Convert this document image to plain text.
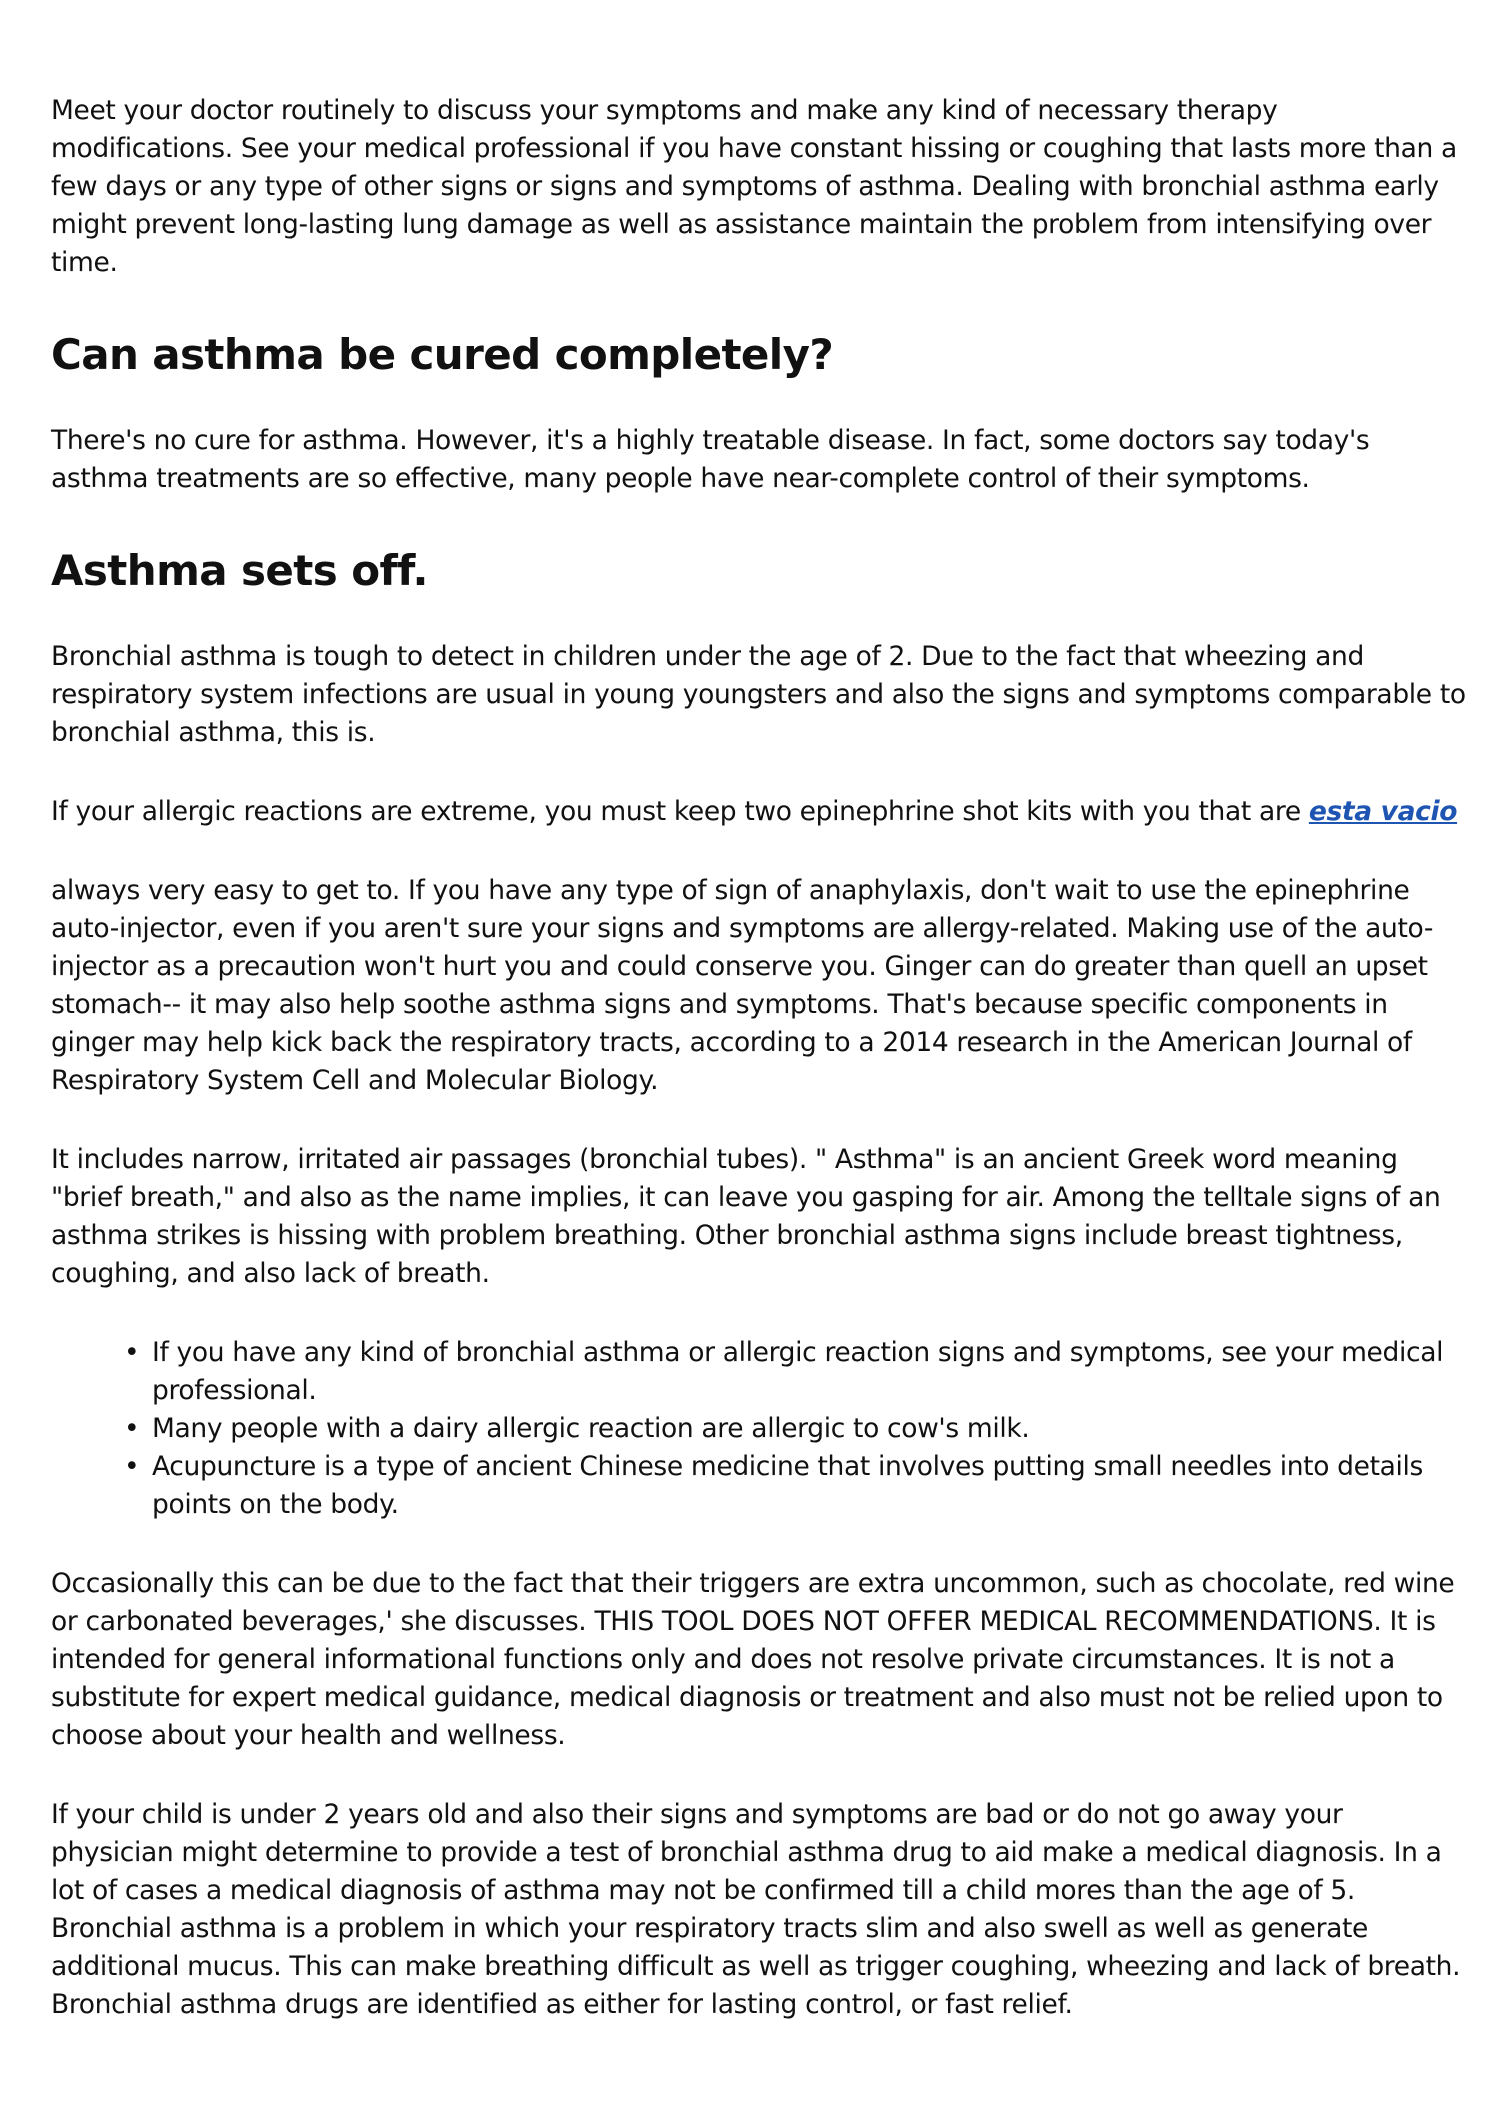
Meet your doctor routinely to discuss your symptoms and make any kind of necessary therapy modifications. See your medical professional if you have constant hissing or coughing that lasts more than a few days or any type of other signs or signs and symptoms of asthma. Dealing with bronchial asthma early might prevent long-lasting lung damage as well as assistance maintain the problem from intensifying over time.

Can asthma be cured completely?

There's no cure for asthma. However, it's a highly treatable disease. In fact, some doctors say today's asthma treatments are so effective, many people have near-complete control of their symptoms.

Asthma sets off.

Bronchial asthma is tough to detect in children under the age of 2. Due to the fact that wheezing and respiratory system infections are usual in young youngsters and also the signs and symptoms comparable to bronchial asthma, this is.

If your allergic reactions are extreme, you must keep two epinephrine shot kits with you that are esta vacio

always very easy to get to. If you have any type of sign of anaphylaxis, don't wait to use the epinephrine auto-injector, even if you aren't sure your signs and symptoms are allergy-related. Making use of the auto-injector as a precaution won't hurt you and could conserve you. Ginger can do greater than quell an upset stomach-- it may also help soothe asthma signs and symptoms. That's because specific components in ginger may help kick back the respiratory tracts, according to a 2014 research in the American Journal of Respiratory System Cell and Molecular Biology.

It includes narrow, irritated air passages (bronchial tubes). " Asthma" is an ancient Greek word meaning "brief breath," and also as the name implies, it can leave you gasping for air. Among the telltale signs of an asthma strikes is hissing with problem breathing. Other bronchial asthma signs include breast tightness, coughing, and also lack of breath.

• If you have any kind of bronchial asthma or allergic reaction signs and symptoms, see your medical professional.
• Many people with a dairy allergic reaction are allergic to cow's milk.
• Acupuncture is a type of ancient Chinese medicine that involves putting small needles into details points on the body.

Occasionally this can be due to the fact that their triggers are extra uncommon, such as chocolate, red wine or carbonated beverages,' she discusses. THIS TOOL DOES NOT OFFER MEDICAL RECOMMENDATIONS. It is intended for general informational functions only and does not resolve private circumstances. It is not a substitute for expert medical guidance, medical diagnosis or treatment and also must not be relied upon to choose about your health and wellness.

If your child is under 2 years old and also their signs and symptoms are bad or do not go away your physician might determine to provide a test of bronchial asthma drug to aid make a medical diagnosis. In a lot of cases a medical diagnosis of asthma may not be confirmed till a child mores than the age of 5. Bronchial asthma is a problem in which your respiratory tracts slim and also swell as well as generate additional mucus. This can make breathing difficult as well as trigger coughing, wheezing and lack of breath. Bronchial asthma drugs are identified as either for lasting control, or fast relief.
